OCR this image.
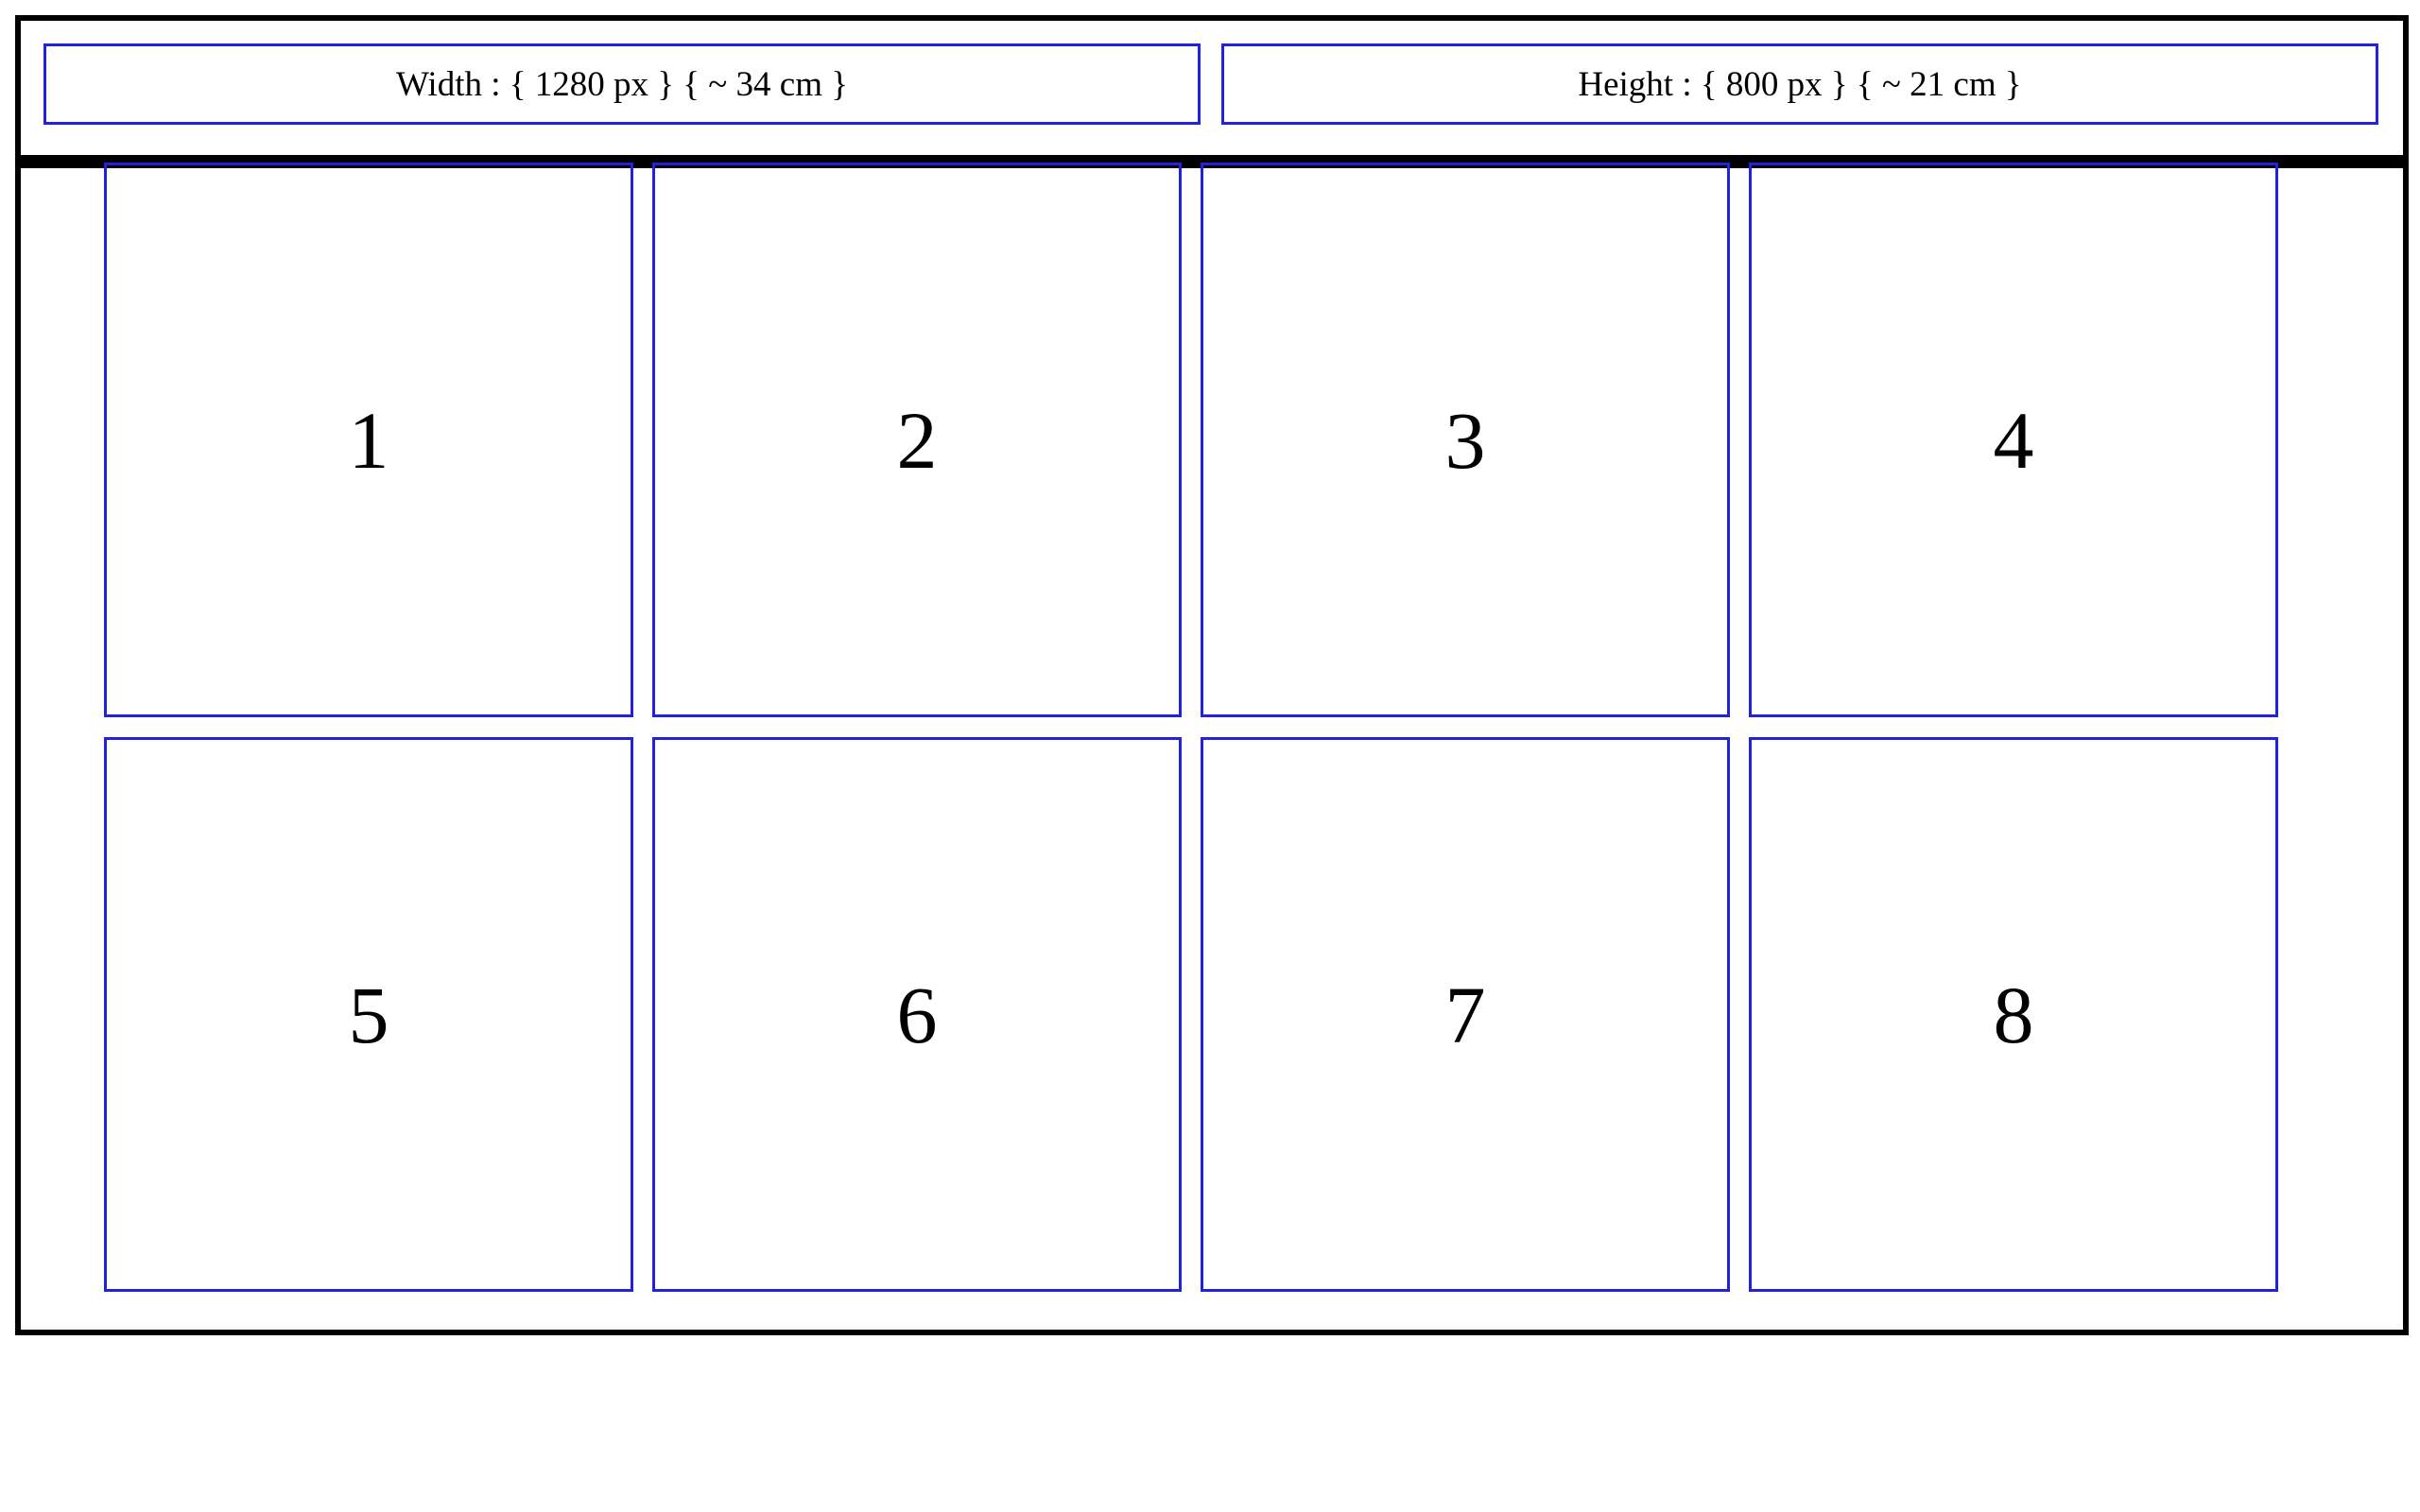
Width : { 1280 px } { ~ 34 cm }	Height : { 800 px } { ~ 21 cm }
1	2	3	4
5	6	7	8
